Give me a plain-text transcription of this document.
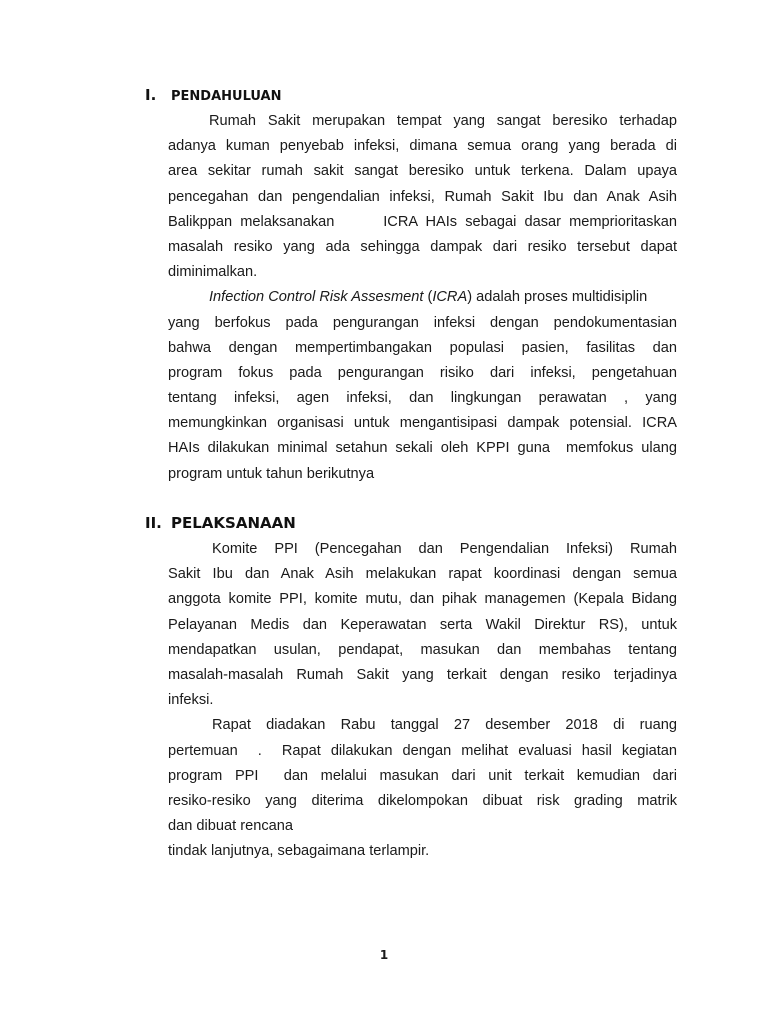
I. PENDAHULUAN
Rumah Sakit merupakan tempat yang sangat beresiko terhadap
adanya kuman penyebab infeksi, dimana semua orang yang berada di
area sekitar rumah sakit sangat beresiko untuk terkena. Dalam upaya
pencegahan dan pengendalian infeksi, Rumah Sakit Ibu dan Anak Asih
Balikppan melaksanakan      ICRA HAIs sebagai dasar memprioritaskan
masalah resiko yang ada sehingga dampak dari resiko tersebut dapat
diminimalkan.
Infection Control Risk Assesment (ICRA) adalah proses multidisiplin
yang berfokus pada pengurangan infeksi dengan pendokumentasian
bahwa dengan mempertimbangakan populasi pasien, fasilitas dan
program fokus pada pengurangan risiko dari infeksi, pengetahuan
tentang infeksi, agen infeksi, dan lingkungan perawatan , yang
memungkinkan organisasi untuk mengantisipasi dampak potensial. ICRA
HAIs dilakukan minimal setahun sekali oleh KPPI guna  memfokus ulang
program untuk tahun berikutnya
II. PELAKSANAAN
Komite PPI (Pencegahan dan Pengendalian Infeksi) Rumah
Sakit Ibu dan Anak Asih melakukan rapat koordinasi dengan semua
anggota komite PPI, komite mutu, dan pihak managemen (Kepala Bidang
Pelayanan Medis dan Keperawatan serta Wakil Direktur RS), untuk
mendapatkan usulan, pendapat, masukan dan membahas tentang
masalah-masalah Rumah Sakit yang terkait dengan resiko terjadinya
infeksi.
Rapat diadakan Rabu tanggal 27 desember 2018 di ruang
pertemuan  .  Rapat dilakukan dengan melihat evaluasi hasil kegiatan
program PPI  dan melalui masukan dari unit terkait kemudian dari
resiko-resiko yang diterima dikelompokan dibuat risk grading matrik
dan dibuat rencana
tindak lanjutnya, sebagaimana terlampir.
1
